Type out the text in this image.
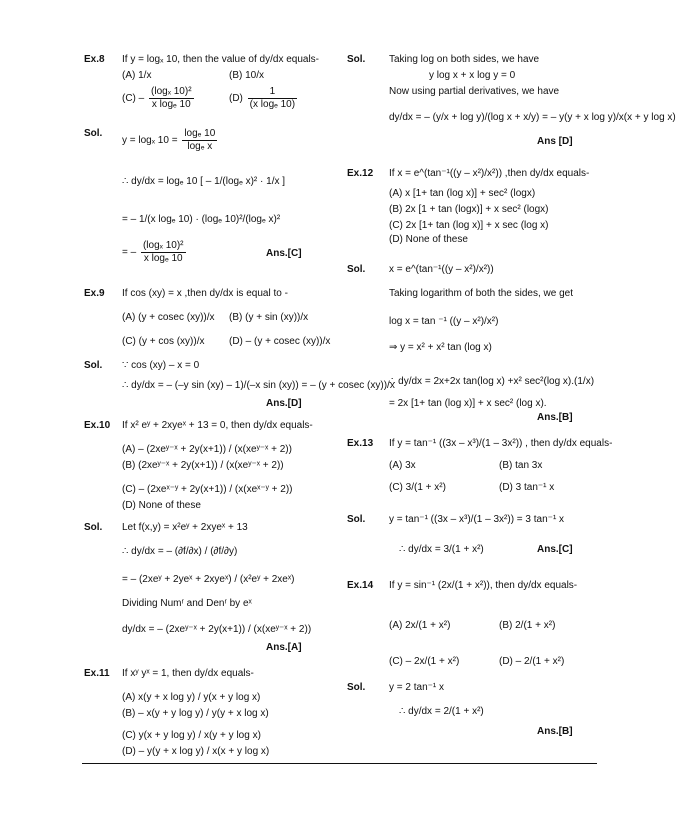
Ex.8 If y = logₓ 10, then the value of dy/dx equals-
(A) 1/x	(B) 10/x
$(C) - \frac{\text{(logₓ 10)²}}{\text{x logₑ 10}}$	$(D) \frac{1}{\text{(x logₑ 10)}}$
Sol.
y = logₓ $10 = \frac{\text{logₑ 10}}{\text{logₑ x}}$
∴ dy/dx = logₑ 10 [ – 1/(logₑ x)² · 1/x ]
= – 1/(x logₑ 10) · (logₑ 10)²/(logₑ x)²
= – $\frac{\text{(logₓ 10)²}}{\text{x logₑ 10}}$	Ans.[C]
Ex.9 If cos (xy) = x ,then dy/dx is equal to -
(A) (y + cosec (xy))/x (B) (y + sin (xy))/x
(C) (y + cos (xy))/x (D) – (y + cosec (xy))/x
Sol. ∵ cos (xy) – x = 0
∴ dy/dx = – (–y sin (xy) – 1)/(–x sin (xy)) = – (y + cosec (xy))/x
Ans.[D]
Ex.10 If x² eʸ + 2xyeˣ + 13 = 0, then dy/dx equals-
(A) – (2xeʸ⁻ˣ + 2y(x+1)) / (x(xeʸ⁻ˣ + 2))
(B) (2xeʸ⁻ˣ + 2y(x+1)) / (x(xeʸ⁻ˣ + 2))
(C) – (2xeˣ⁻ʸ + 2y(x+1)) / (x(xeˣ⁻ʸ + 2))
(D) None of these
Sol. Let f(x,y) = x²eʸ + 2xyeˣ + 13
∴ dy/dx = – (∂f/∂x) / (∂f/∂y)
= – (2xeʸ + 2yeˣ + 2xyeˣ) / (x²eʸ + 2xeˣ)
Dividing Numʳ and Denʳ by eˣ
dy/dx = – (2xeʸ⁻ˣ + 2y(x+1)) / (x(xeʸ⁻ˣ + 2))
Ans.[A]
Ex.11 If xʸ yˣ = 1, then dy/dx equals-
(A) x(y + x log y) / y(x + y log x)
(B) – x(y + y log y) / y(y + x log x)
(C) y(x + y log y) / x(y + y log x)
(D) – y(y + x log y) / x(x + y log x)
Sol. Taking log on both sides, we have
y log x + x log y = 0
Now using partial derivatives, we have
dy/dx = – (y/x + log y)/(log x + x/y) = – y(y + x log y)/x(x + y log x)
Ans [D]
Ex.12 If x = e^(tan⁻¹((y – x²)/x²)) ,then dy/dx equals-
(A) x [1+ tan (log x)] + sec² (logx)
(B) 2x [1 + tan (logx)] + x sec² (logx)
(C) 2x [1+ tan (log x)] + x sec (log x)
(D) None of these
Sol. x = e^(tan⁻¹((y – x²)/x²))
Taking logarithm of both the sides, we get
log x = tan ⁻¹ ((y – x²)/x²)
⇒ y = x² + x² tan (log x)
∴ dy/dx = 2x+2x tan(log x) +x² sec²(log x).(1/x)
= 2x [1+ tan (log x)] + x sec² (log x).
Ans.[B]
Ex.13 If y = tan⁻¹ ((3x – x³)/(1 – 3x²)) , then dy/dx equals-
(A) 3x	(B) tan 3x
(C) 3/(1 + x²)	(D) 3 tan⁻¹ x
Sol. y = tan⁻¹ ((3x – x³)/(1 – 3x²)) = 3 tan⁻¹ x
∴ dy/dx = 3/(1 + x²)	Ans.[C]
Ex.14 If y = sin⁻¹ (2x/(1 + x²)), then dy/dx equals-
(A) 2x/(1 + x²)	(B) 2/(1 + x²)
(C) – 2x/(1 + x²)	(D) – 2/(1 + x²)
Sol. y = 2 tan⁻¹ x
∴ dy/dx = 2/(1 + x²)
Ans.[B]
